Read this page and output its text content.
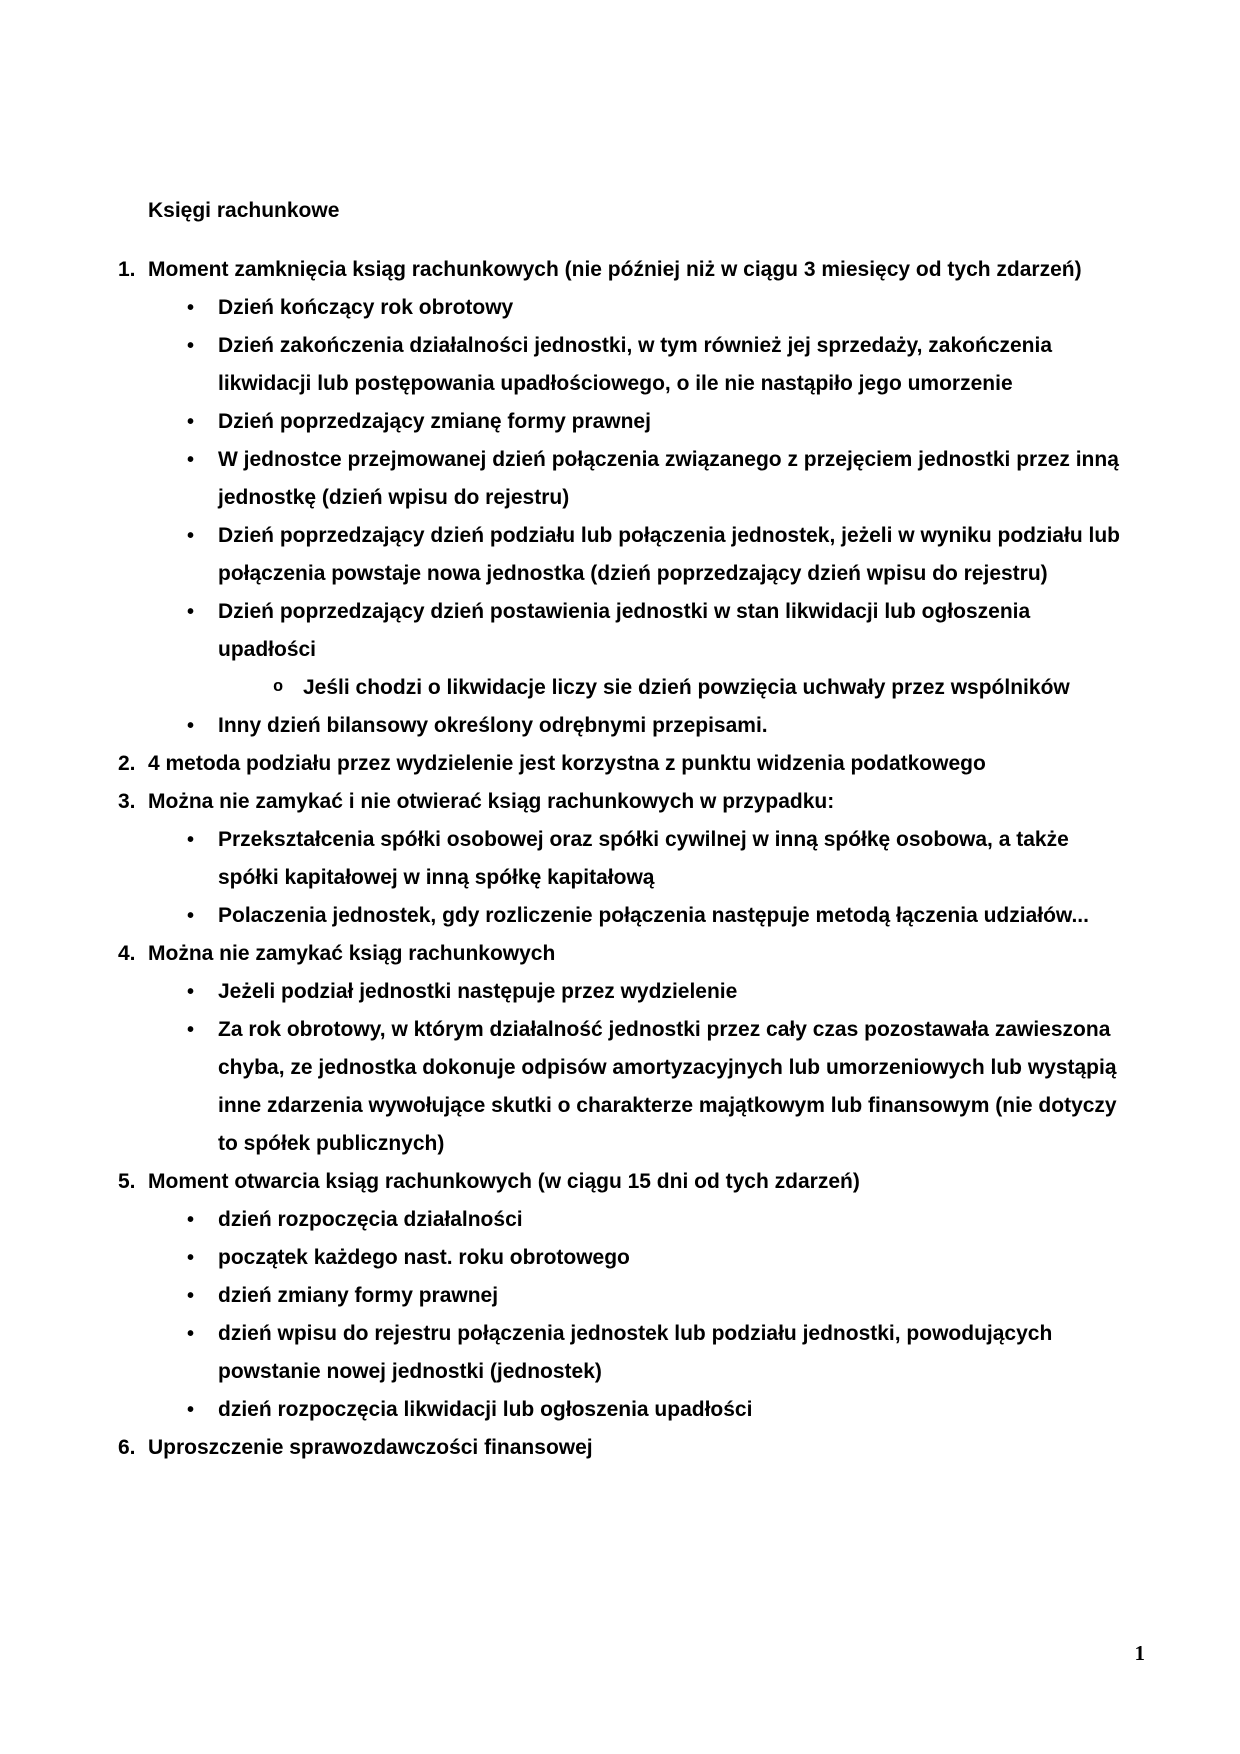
Księgi rachunkowe

1. Moment zamknięcia ksiąg rachunkowych (nie później niż w ciągu 3 miesięcy od tych zdarzeń)
•	Dzień kończący rok obrotowy
•	Dzień zakończenia działalności jednostki, w tym również jej sprzedaży, zakończenia likwidacji lub postępowania upadłościowego, o ile nie nastąpiło jego umorzenie
•	Dzień poprzedzający zmianę formy prawnej
•	W jednostce przejmowanej dzień połączenia związanego z przejęciem jednostki przez inną jednostkę (dzień wpisu do rejestru)
•	Dzień poprzedzający dzień podziału lub połączenia jednostek, jeżeli w wyniku podziału lub połączenia powstaje nowa jednostka (dzień poprzedzający dzień wpisu do rejestru)
•	Dzień poprzedzający dzień postawienia jednostki w stan likwidacji lub ogłoszenia upadłości
o Jeśli chodzi o likwidacje liczy sie dzień powzięcia uchwały przez wspólników
•	Inny dzień bilansowy określony odrębnymi przepisami.
2. 4 metoda podziału przez wydzielenie jest korzystna z punktu widzenia podatkowego
3. Można nie zamykać i nie otwierać ksiąg rachunkowych w przypadku:
•	Przekształcenia spółki osobowej oraz spółki cywilnej w inną spółkę osobowa, a także spółki kapitałowej w inną spółkę kapitałową
•	Polaczenia jednostek, gdy rozliczenie połączenia następuje metodą łączenia udziałów...
4. Można nie zamykać ksiąg rachunkowych
•	Jeżeli podział jednostki następuje przez wydzielenie
•	Za rok obrotowy, w którym działalność jednostki przez cały czas pozostawała zawieszona chyba, ze jednostka dokonuje odpisów amortyzacyjnych lub umorzeniowych lub wystąpią inne zdarzenia wywołujące skutki o charakterze majątkowym lub finansowym (nie dotyczy to spółek publicznych)
5. Moment otwarcia ksiąg rachunkowych (w ciągu 15 dni od tych zdarzeń)
•	dzień rozpoczęcia działalności
•	początek każdego nast. roku obrotowego
•	dzień zmiany formy prawnej
•	dzień wpisu do rejestru połączenia jednostek lub podziału jednostki, powodujących powstanie nowej jednostki (jednostek)
•	dzień rozpoczęcia likwidacji lub ogłoszenia upadłości
6. Uproszczenie sprawozdawczości finansowej
1
